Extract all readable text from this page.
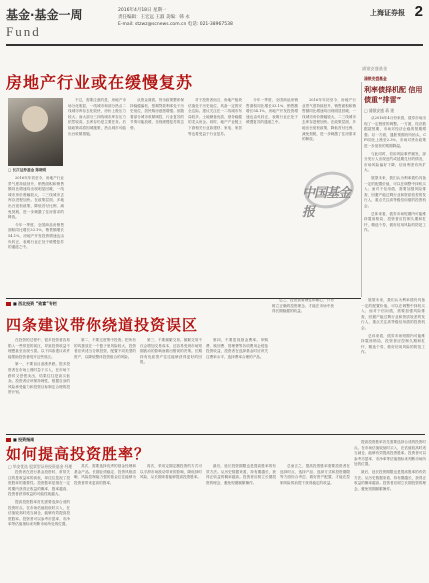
基金·基金一周
Fund
2016年4月18日 星期一
责任编辑：王宏远 王淑 美编：韩 永
E-mail: stzwz@scnews.com.cn 电话: 021-38967538
上海证券报 2
房地产行业或在缓慢复苏
□ 长江证券基金 陈晓明

2016年年初至今，房地产行业景气度持续回升，销售面积和销售额同比增速均出现明显回暖，一线城市房价涨幅较大，二三线城市去库存进程加快。在政策层面，多地出台宽松政策，降低首付比例、减免契税，进一步刺激了住房需求的释放。

今年一季度，全国商品房销售面积同比增长33.1%，销售额增长54.1%，房地产开发投资增速也由负转正，表明行业正处于缓慢复苏的通道之中。

不过，需要注意的是，房地产市场分化明显，一线城市和部分热点二线城市库存去化较快，房价上涨压力较大；而大部分三四线城市库存压力依然较高，去库存仍是主要任务。后续政策或将因城施策，热点城市可能出台收紧措施。

从资金面看，货币政策整体保持稳健偏松，按揭贷款利率处于历史低位，居民购房意愿增强。但随着部分城市收紧调控，行业复苏的节奏可能放缓，呈现缓慢复苏的态势。

对于投资者而言，房地产板块估值处于历史低位，具备一定的安全边际。建议关注在一二线城市布局较多、土地储备优质、财务稳健的龙头房企。同时，地产产业链上下游相关行业如建材、家电、家居等也将受益于行业复苏。

今年一季度，全国商品房销售面积同比增长33.1%，销售额增长54.1%，房地产开发投资增速也由负转正，表明行业正处于缓慢复苏的通道之中。

2016年年初至今，房地产行业景气度持续回升，销售面积和销售额同比增速均出现明显回暖，一线城市房价涨幅较大，二三线城市去库存进程加快。在政策层面，多地出台宽松政策，降低首付比例、减免契税，进一步刺激了住房需求的释放。

中国基金报
浦银安盛基金
浦银安盛基金
利率债择机配 信用债重“排雷”
□ 浦银安盛 蒋 建

从2016年4月份来看，债券市场出现了一定程度的调整。一方面，经济数据超预期，市场对经济企稳的预期增强；另一方面，通胀预期有所抬头，CPI同比上涨至2.3%，市场对货币政策进一步宽松的预期降温。

与此同时，信用风险事件频发，部分发行人出现违约或延期兑付的情况，市场风险偏好下降，信用利差有所扩大。

展望未来，我们认为利率债仍具备一定的配置价值，可以在调整中择机买入；而对于信用债，需要加强风险排查，回避产能过剩行业和资质较差的发行人，重点关注高等级信用债的投资机会。

总体来看，债券市场短期内可能维持震荡格局，投资者应控制久期和杠杆，精选个券，做好信用风险的防范工作。

■ 西北投资 “致富”专栏
四条建议带你绕道投资误区

在投资的过程中，很多投资者容易陷入一些常见的误区，导致投资收益不理想甚至出现亏损。以下四条建议或许能帮助投资者绕开这些误区。

第一，不要盲目追涨杀跌。很多投资者在市场上涨时急于买入，在市场下跌时又恐慌卖出，结果往往是高买低卖。投资者应该保持理性，根据自身的风险承受能力和投资目标制定合理的投资计划。

第二，不要过度集中投资。把所有的鸡蛋放在一个篮子里风险较大，投资者应该适当分散投资，配置不同类型的资产，以降低整体投资组合的风险。

第三，不要频繁交易。频繁交易不仅会增加交易成本，还容易受到市场短期波动的影响而做出错误的决策。长期持有优质资产往往能够获得更好的回报。

第四，不要忽视基金费率。申购费、赎回费、管理费等各项费用会侵蚀投资收益，投资者在选择基金时应该关注费率水平，选择费率合理的产品。

总之，投资需要理性和耐心，只有树立正确的投资理念，才能在市场中获得长期稳健的收益。

展望未来，我们认为利率债仍具备一定的配置价值，可以在调整中择机买入；而对于信用债，需要加强风险排查，回避产能过剩行业和资质较差的发行人，重点关注高等级信用债的投资机会。

总体来看，债券市场短期内可能维持震荡格局，投资者应控制久期和杠杆，精选个券，做好信用风险的防范工作。

■ 投资指南
如何提高投资胜率？
□ 华安优选 股票型证券投资基金 经理

投资者在进行基金投资时，常常关注的是收益率的高低，却往往忽视了投资胜率的重要性。投资胜率是指在一定时期内获得正收益的概率，胜率越高，投资者获得收益的可能性就越大。

提高投资胜率首先需要选择合适的投资时点。在市场估值较低时买入，在估值较高时适当减仓，能够有效提高投资胜率。投资者可以参考市盈率、市净率等估值指标来判断市场所处的位置。

其次，需要选择优秀的基金经理和基金产品。长期业绩稳定、投资风格清晰、风险控制能力强的基金往往能够为投资者带来更高的胜率。

再次，采用定期定额投资的方式可以平滑市场波动带来的影响，降低择时风险，从长期来看能够提高投资胜率。

最后，延长投资期限也是提高胜率的有效方法。从历史数据来看，持有期越长，获得正收益的概率越高。投资者应树立长期投资的理念，避免短期频繁操作。

总而言之，提高投资胜率需要投资者在选择时点、选择产品、选择方式和投资期限等方面综合考虑，做好资产配置，才能在控制风险的前提下获得稳定的收益。

提高投资胜率首先需要选择合适的投资时点。在市场估值较低时买入，在估值较高时适当减仓，能够有效提高投资胜率。投资者可以参考市盈率、市净率等估值指标来判断市场所处的位置。

最后，延长投资期限也是提高胜率的有效方法。从历史数据来看，持有期越长，获得正收益的概率越高。投资者应树立长期投资的理念，避免短期频繁操作。
